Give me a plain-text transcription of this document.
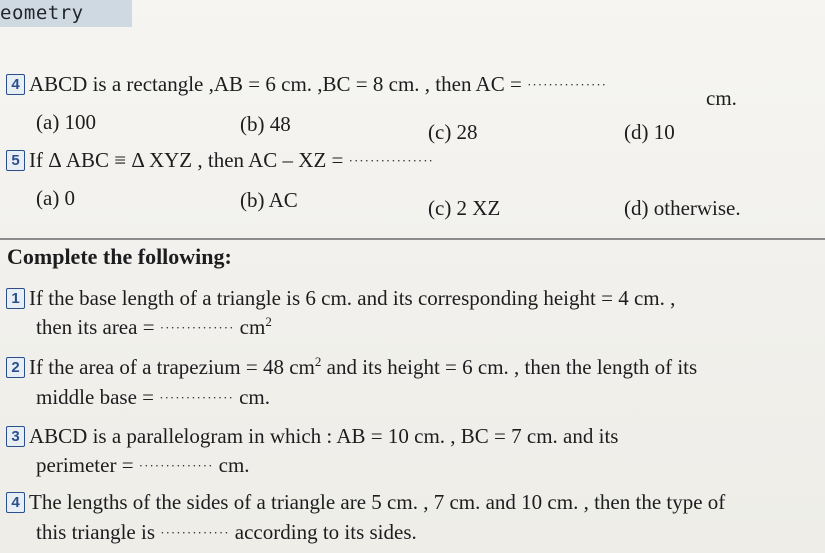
eometry
4 ABCD is a rectangle ,AB = 6 cm. ,BC = 8 cm. , then AC = ···············
cm.
(a) 100	(b) 48	(c) 28	(d) 10
5 If Δ ABC ≡ Δ XYZ , then AC – XZ = ················
(a) 0	(b) AC	(c) 2 XZ	(d) otherwise.
Complete the following:
1 If the base length of a triangle is 6 cm. and its corresponding height = 4 cm. ,
then its area = ·············· $cm^2$
2 If the area of a trapezium = 48 $cm^2$ and its height = 6 cm. , then the length of its
middle base = ·············· cm.
3 ABCD is a parallelogram in which : AB = 10 cm. , BC = 7 cm. and its
perimeter = ·············· cm.
4 The lengths of the sides of a triangle are 5 cm. , 7 cm. and 10 cm. , then the type of
this triangle is ············· according to its sides.
